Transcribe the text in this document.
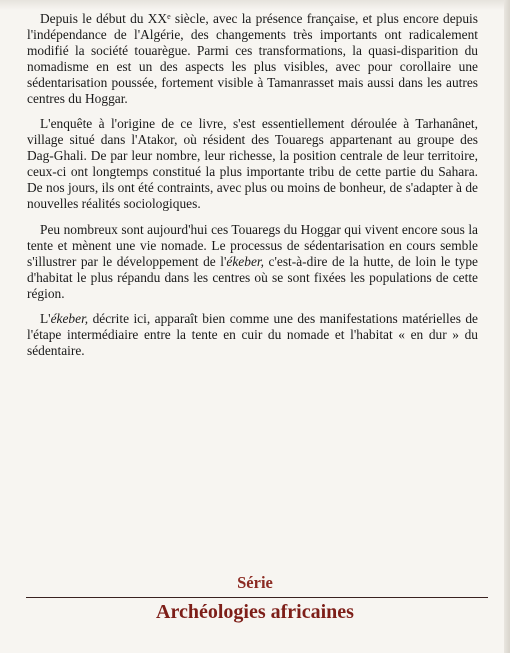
Depuis le début du XXe siècle, avec la présence française, et plus encore depuis l'indépendance de l'Algérie, des changements très importants ont radicalement modifié la société touarègue. Parmi ces transformations, la quasi-disparition du nomadisme en est un des aspects les plus visibles, avec pour corollaire une sédentarisation poussée, fortement visible à Tamanrasset mais aussi dans les autres centres du Hoggar.

L'enquête à l'origine de ce livre, s'est essentiellement déroulée à Tarhanânet, village situé dans l'Atakor, où résident des Touaregs appartenant au groupe des Dag-Ghali. De par leur nombre, leur richesse, la position centrale de leur territoire, ceux-ci ont longtemps constitué la plus importante tribu de cette partie du Sahara. De nos jours, ils ont été contraints, avec plus ou moins de bonheur, de s'adapter à de nouvelles réalités sociologiques.

Peu nombreux sont aujourd'hui ces Touaregs du Hoggar qui vivent encore sous la tente et mènent une vie nomade. Le processus de sédentarisation en cours semble s'illustrer par le développement de l'ékeber, c'est-à-dire de la hutte, de loin le type d'habitat le plus répandu dans les centres où se sont fixées les populations de cette région.

L'ékeber, décrite ici, apparaît bien comme une des manifestations matérielles de l'étape intermédiaire entre la tente en cuir du nomade et l'habitat « en dur » du sédentaire.

Série
Archéologies africaines
